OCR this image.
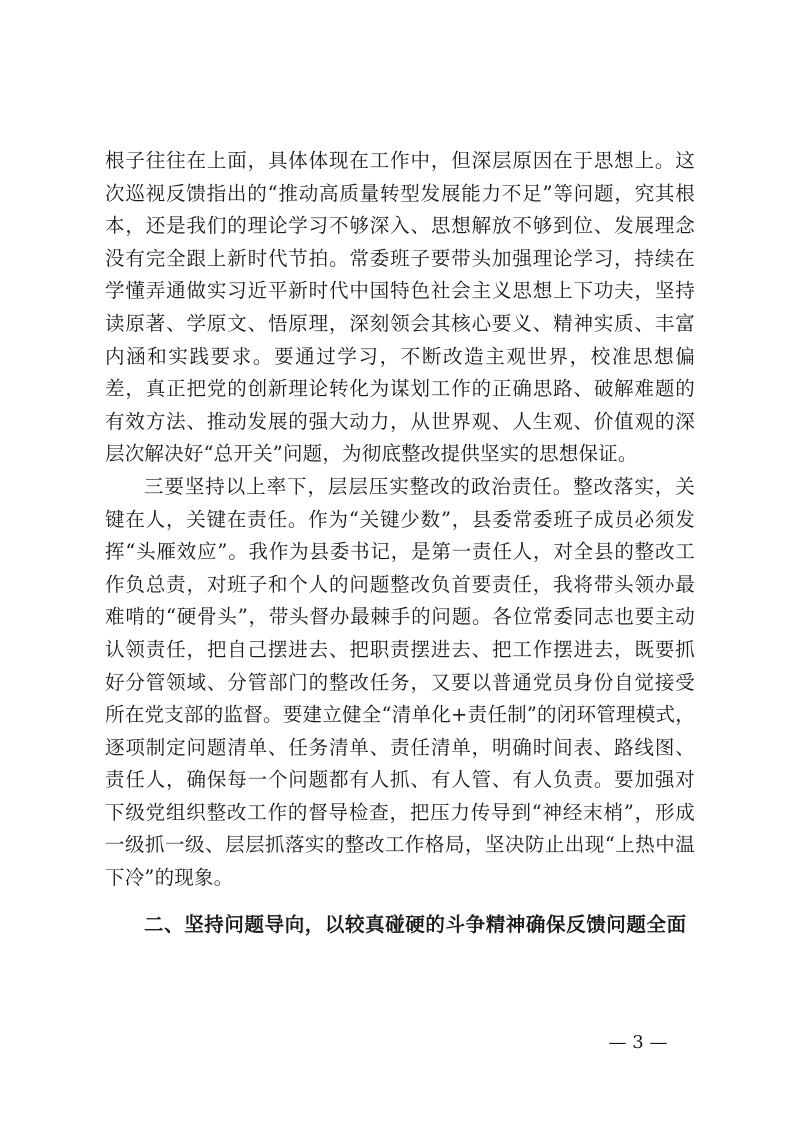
根子往往在上面，具体体现在工作中，但深层原因在于思想上。这次巡视反馈指出的“推动高质量转型发展能力不足”等问题，究其根本，还是我们的理论学习不够深入、思想解放不够到位、发展理念没有完全跟上新时代节拍。常委班子要带头加强理论学习，持续在学懂弄通做实习近平新时代中国特色社会主义思想上下功夫，坚持读原著、学原文、悟原理，深刻领会其核心要义、精神实质、丰富内涵和实践要求。要通过学习，不断改造主观世界，校准思想偏差，真正把党的创新理论转化为谋划工作的正确思路、破解难题的有效方法、推动发展的强大动力，从世界观、人生观、价值观的深层次解决好“总开关”问题，为彻底整改提供坚实的思想保证。

三要坚持以上率下，层层压实整改的政治责任。整改落实，关键在人，关键在责任。作为“关键少数”，县委常委班子成员必须发挥“头雁效应”。我作为县委书记，是第一责任人，对全县的整改工作负总责，对班子和个人的问题整改负首要责任，我将带头领办最难啃的“硬骨头”，带头督办最棘手的问题。各位常委同志也要主动认领责任，把自己摆进去、把职责摆进去、把工作摆进去，既要抓好分管领域、分管部门的整改任务，又要以普通党员身份自觉接受所在党支部的监督。要建立健全“清单化+责任制”的闭环管理模式，逐项制定问题清单、任务清单、责任清单，明确时间表、路线图、责任人，确保每一个问题都有人抓、有人管、有人负责。要加强对下级党组织整改工作的督导检查，把压力传导到“神经末梢”，形成一级抓一级、层层抓落实的整改工作格局，坚决防止出现“上热中温下冷”的现象。

二、坚持问题导向，以较真碰硬的斗争精神确保反馈问题全面

— 3 —
